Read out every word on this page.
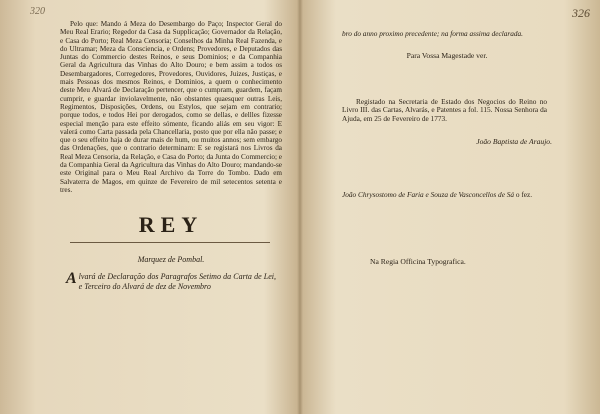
320

Pelo que: Mando á Meza do Desembargo do Paço; Inspector Geral do Meu Real Erario; Regedor da Casa da Supplicação; Governador da Relação, e Casa do Porto; Real Meza Censoria; Conselhos da Minha Real Fazenda, e do Ultramar; Meza da Consciencia, e Ordens; Provedores, e Deputados das Juntas do Commercio destes Reinos, e seus Dominios; e da Companhia Geral da Agricultura das Vinhas do Alto Douro; e bem assim a todos os Desembargadores, Corregedores, Provedores, Ouvidores, Juizes, Justiças, e mais Pessoas dos mesmos Reinos, e Dominios, a quem o conhecimento deste Meu Alvará de Declaração pertencer, que o cumpram, guardem, façam cumprir, e guardar inviolavelmente, não obstantes quaesquer outras Leis, Regimentos, Disposições, Ordens, ou Estylos, que sejam em contrario; porque todos, e todos Hei por derogados, como se dellas, e dellles fizesse especial menção para este effeito sómente, ficando aliás em seu vigor: E valerá como Carta passada pela Chancellaria, posto que por ella não passe; e que o seu effeito haja de durar mais de hum, ou muitos annos; sem embargo das Ordenações, que o contrario determinam: E se registará nos Livros da Real Meza Censoria, da Relação, e Casa do Porto; da Junta do Commercio; e da Companhia Geral da Agricultura das Vinhas do Alto Douro; mandando-se este Original para o Meu Real Archivo da Torre do Tombo. Dado em Salvaterra de Magos, em quinze de Fevereiro de mil setecentos setenta e tres.

REY
Marquez de Pombal.
Alvará de Declaração dos Paragrafos Setimo da Carta de Lei, e Terceiro do Alvará de dez de Novembro
326
bro do anno proximo precedente; na forma assima declarada.
Para Vossa Magestade ver.

Registado na Secretaria de Estado dos Negocios do Reino no Livro III. das Cartas, Alvarás, e Patentes a fol. 115. Nossa Senhora da Ajuda, em 25 de Fevereiro de 1773.

João Baptista de Araujo.
João Chrysostomo de Faria e Souza de Vasconcellos de Sá o fez.
Na Regia Officina Typografica.
